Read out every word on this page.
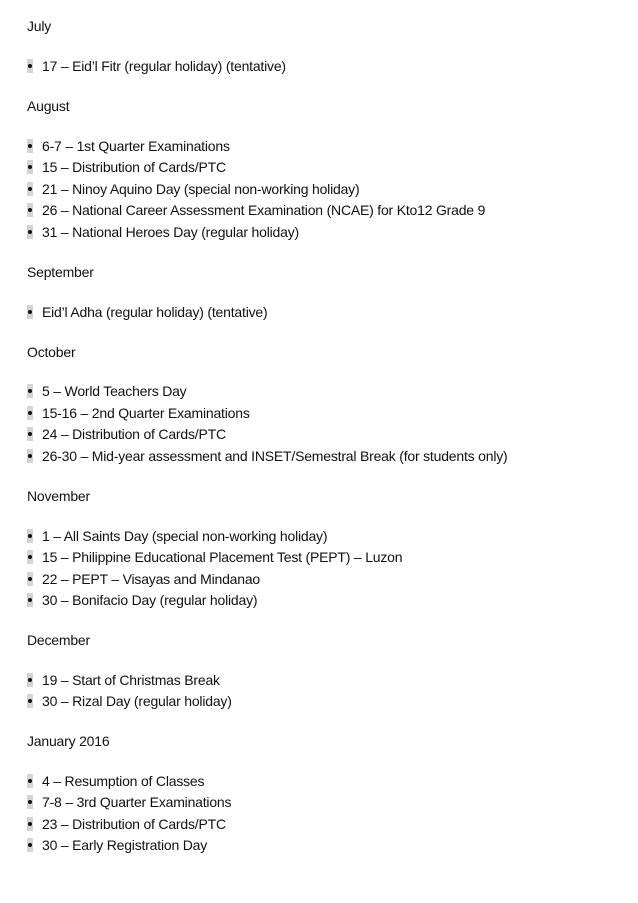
July
17 – Eid’l Fitr (regular holiday) (tentative)
August
6-7 – 1st Quarter Examinations
15 – Distribution of Cards/PTC
21 – Ninoy Aquino Day (special non-working holiday)
26 – National Career Assessment Examination (NCAE) for Kto12 Grade 9
31 – National Heroes Day (regular holiday)
September
Eid’l Adha (regular holiday) (tentative)
October
5 – World Teachers Day
15-16 – 2nd Quarter Examinations
24 – Distribution of Cards/PTC
26-30 – Mid-year assessment and INSET/Semestral Break (for students only)
November
1 – All Saints Day (special non-working holiday)
15 – Philippine Educational Placement Test (PEPT) – Luzon
22 – PEPT – Visayas and Mindanao
30 – Bonifacio Day (regular holiday)
December
19 – Start of Christmas Break
30 – Rizal Day (regular holiday)
January 2016
4 – Resumption of Classes
7-8 – 3rd Quarter Examinations
23 – Distribution of Cards/PTC
30 – Early Registration Day
